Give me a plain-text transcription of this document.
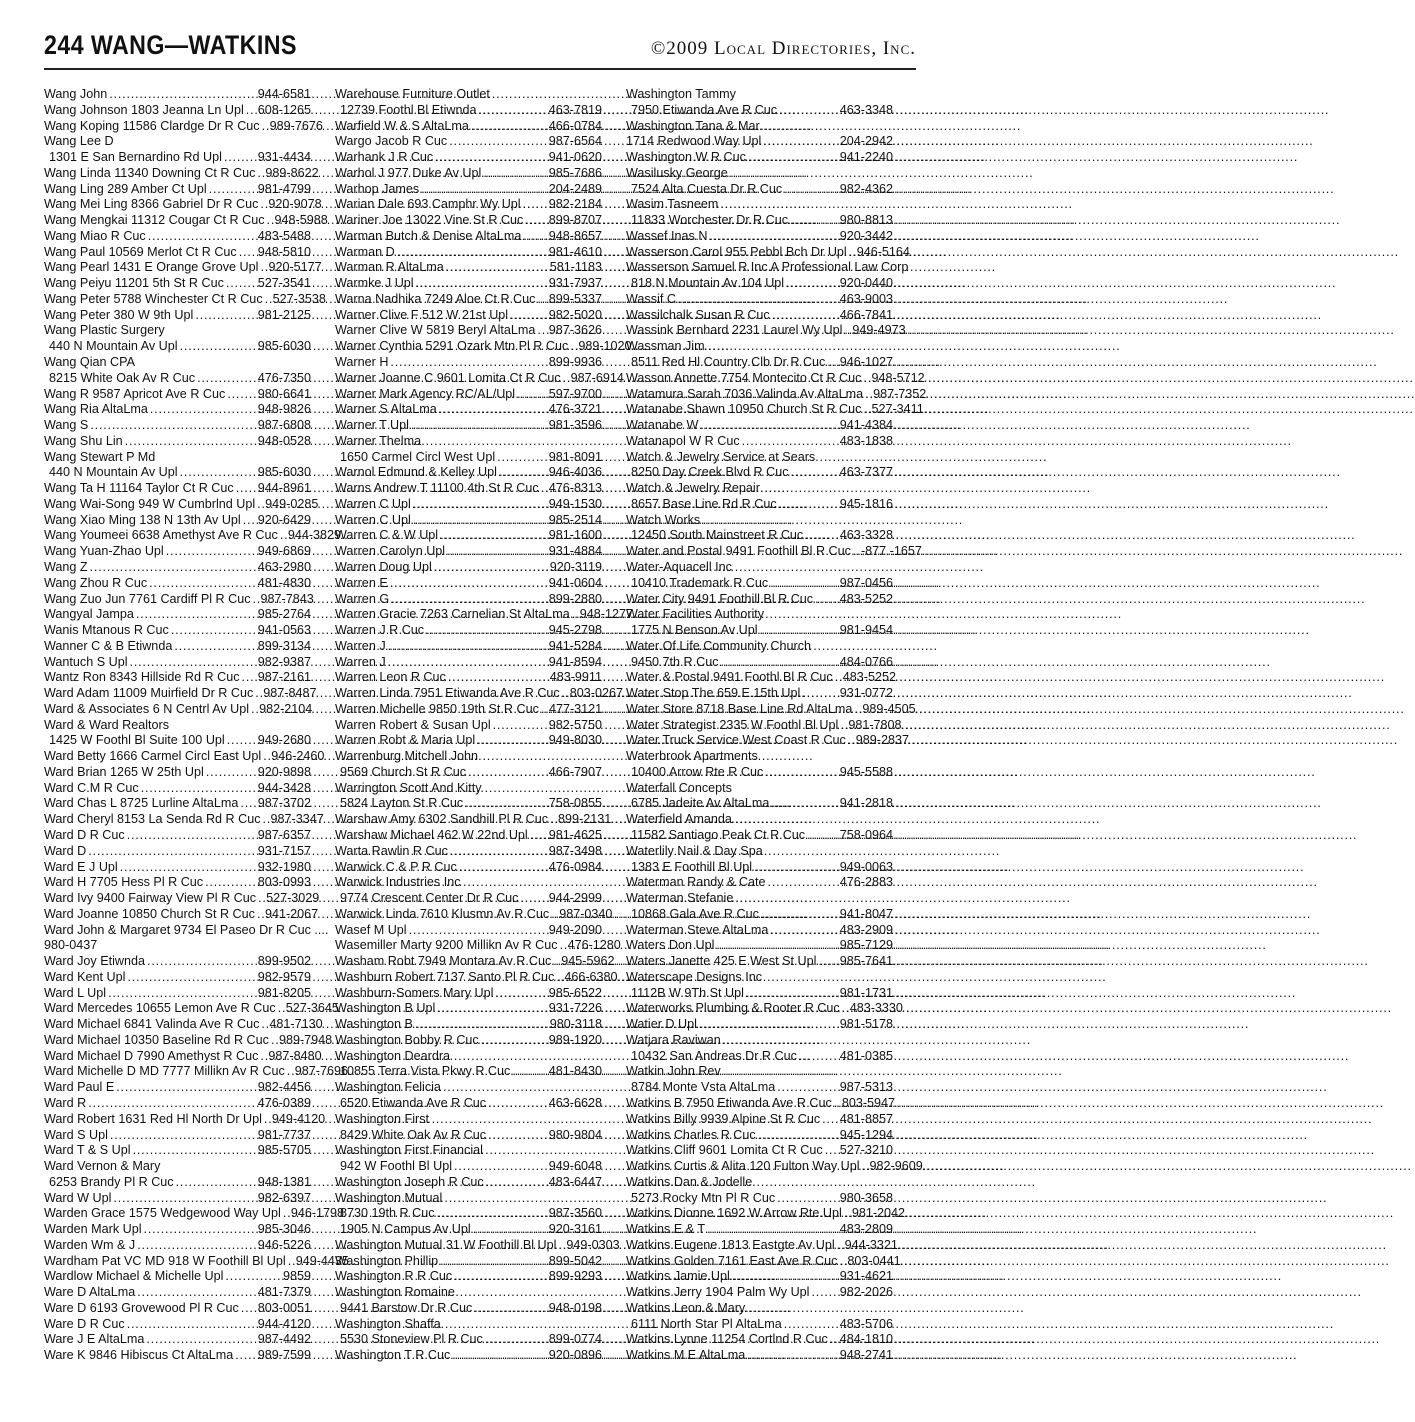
244 WANG—WATKINS	©2009 Local Directories, Inc.
Wang John .....	944-6581
Wang Johnson 1803 Jeanna Ln Upl ..... 608-1265
Wang Koping 11586 Clardge Dr R Cuc ..... 989-7676
Wang Lee D
1301 E San Bernardino Rd Upl .....	931-4434
Wang Linda 11340 Downing Ct R Cuc ..... 989-8622
Wang Ling 289 Amber Ct Upl .....	981-4799
Wang Mei Ling 8366 Gabriel Dr R Cuc ..... 920-9078
Wang Mengkai 11312 Cougar Ct R Cuc ..... 948-5988
Wang Miao R Cuc .....	483-5488
Wang Paul 10569 Merlot Ct R Cuc ..... 948-5810
Wang Pearl 1431 E Orange Grove Upl ..... 920-5177
Wang Peiyu 11201 5th St R Cuc .....	527-3541
Wang Peter 5788 Winchester Ct R Cuc ..... 527-3538
Wang Peter 380 W 9th Upl .....	981-2125
Wang Plastic Surgery
440 N Mountain Av Upl .....	985-6030
Wang Qian CPA
8215 White Oak Av R Cuc .....	476-7350
Wang R 9587 Apricot Ave R Cuc .....	980-6641
Wang Ria AltaLma .....	948-9826
Wang S .....	987-6808
Wang Shu Lin .....	948-0528
Wang Stewart P Md
440 N Mountain Av Upl .....	985-6030
Wang Ta H 11164 Taylor Ct R Cuc ..... 944-8961
Wang Wai-Song 949 W Cumbrlnd Upl ..... 949-0285
Wang Xiao Ming 138 N 13th Av Upl ..... 920-6429
Wang Youmeei 6638 Amethyst Ave R Cuc ..... 944-3829
Wang Yuan-Zhao Upl .....	949-6869
Wang Z .....	463-2980
Wang Zhou R Cuc .....	481-4830
Wang Zuo Jun 7761 Cardiff Pl R Cuc ..... 987-7843
Wangyal Jampa .....	985-2764
Wanis Mtanous R Cuc .....	941-0563
Wanner C & B Etiwnda .....	899-3134
Wantuch S Upl .....	982-9387
Wantz Ron 8343 Hillside Rd R Cuc ..... 987-2161
Ward Adam 11009 Muirfield Dr R Cuc ..... 987-8487
Ward & Associates 6 N Centrl Av Upl ..... 982-2104
Ward & Ward Realtors
1425 W Foothl Bl Suite 100 Upl .....	949-2680
Ward Betty 1666 Carmel Circl East Upl ..... 946-2460
Ward Brian 1265 W 25th Upl .....	920-9898
Ward C.M R Cuc .....	944-3428
Ward Chas L 8725 Lurline AltaLma ..... 987-3702
Ward Cheryl 8153 La Senda Rd R Cuc ..... 987-3347
Ward D R Cuc .....	987-6357
Ward D .....	931-7157
Ward E J Upl .....	932-1980
Ward H 7705 Hess Pl R Cuc .....	803-0993
Ward Ivy 9400 Fairway View Pl R Cuc ..... 527-3029
Ward Joanne 10850 Church St R Cuc ..... 941-2067
Ward John & Margaret 9734 El Paseo Dr R Cuc ....
980-0437
Ward Joy Etiwnda .....	899-9502
Ward Kent Upl .....	982-9579
Ward L Upl .....	981-8205
Ward Mercedes 10655 Lemon Ave R Cuc ..... 527-3645
Ward Michael 6841 Valinda Ave R Cuc ..... 481-7130
Ward Michael 10350 Baseline Rd R Cuc ..... 989-7948
Ward Michael D 7990 Amethyst R Cuc ..... 987-8480
Ward Michelle D MD 7777 Millikn Av R Cuc ..... 987-7696
Ward Paul E .....	982-4456
Ward R .....	476-0389
Ward Robert 1631 Red Hl North Dr Upl ..... 949-4120
Ward S Upl .....	981-7737
Ward T & S Upl .....	985-5705
Ward Vernon & Mary
6253 Brandy Pl R Cuc .....	948-1381
Ward W Upl .....	982-6397
Warden Grace 1575 Wedgewood Way Upl ..... 946-1798
Warden Mark Upl .....	985-3046
Warden Wm & J .....	946-5226
Wardham Pat VC MD 918 W Foothill Bl Upl ..... 949-4435
Wardlow Michael & Michelle Upl .....	9859
Ware D AltaLma .....	481-7379
Ware D 6193 Grovewood Pl R Cuc ..... 803-0051
Ware D R Cuc .....	944-4120
Ware J E AltaLma .....	987-4492
Ware K 9846 Hibiscus Ct AltaLma ..... 989-7599
Warehouse Furniture Outlet
12739 Foothl Bl Etiwnda .....	463-7819
Warfield W & S AltaLma .....	466-0784
Wargo Jacob R Cuc .....	987-6564
Warhank J R Cuc .....	941-0620
Warhol J 977 Duke Av Upl .....	985-7686
Warhop James .....	204-2489
Warian Dale 693 Camphr Wy Upl ..... 982-2184
Wariner Joe 13022 Vine St R Cuc ..... 899-8707
Warman Butch & Denise AltaLma ..... 948-8657
Warman D .....	981-4610
Warman R AltaLma .....	581-1183
Warmke J Upl .....	931-7937
Warna Nadhika 7249 Aloe Ct R Cuc ..... 899-5337
Warner Clive F 512 W 21st Upl .....	982-5020
Warner Clive W 5819 Beryl AltaLma ..... 987-3626
Warner Cynthia 5291 Ozark Mtn Pl R Cuc ..... 989-1020
Warner H .....	899-9936
Warner Joanne C 9601 Lomita Ct R Cuc ..... 987-6914
Warner Mark Agency RC/AL/Upl .....	597-9700
Warner S AltaLma .....	476-3721
Warner T Upl .....	981-3596
Warner Thelma
1650 Carmel Circl West Upl .....	981-8091
Warnol Edmund & Kelley Upl .....	946-4036
Warns Andrew T 11100 4th St R Cuc ..... 476-8313
Warren C Upl .....	949-1530
Warren C Upl .....	985-2514
Warren C & W Upl .....	981-1600
Warren Carolyn Upl .....	931-4884
Warren Doug Upl .....	920-3119
Warren E .....	941-0604
Warren G .....	899-2880
Warren Gracie 7263 Carnelian St AltaLma ..... 948-1277
Warren J R Cuc .....	945-2798
Warren J .....	941-5284
Warren J .....	941-8594
Warren Leon R Cuc .....	483-9911
Warren Linda 7951 Etiwanda Ave R Cuc ..... 803-0267
Warren Michelle 9850 19th St R Cuc ..... 477-3121
Warren Robert & Susan Upl .....	982-5750
Warren Robt & Maria Upl .....	949-8030
Warrenburg Mitchell John
9569 Church St R Cuc .....	466-7907
Warrington Scott And Kitty
5824 Layton St R Cuc .....	758-0855
Warshaw Amy 6302 Sandhill Pl R Cuc ..... 899-2131
Warshaw Michael 462 W 22nd Upl ..... 981-4625
Warta Rawlin R Cuc .....	987-3498
Warwick C & P R Cuc .....	476-0984
Warwick Industries Inc
9774 Crescent Center Dr R Cuc ..... 944-2999
Warwick Linda 7610 Klusmn Av R Cuc ..... 987-0340
Wasef M Upl .....	949-2090
Wasemiller Marty 9200 Millikn Av R Cuc ..... 476-1280
Washam Robt 7949 Montara Av R Cuc ..... 945-5962
Washburn Robert 7137 Santo Pl R Cuc ..... 466-6380
Washburn-Somers Mary Upl .....	985-6522
Washington B Upl .....	931-7226
Washington B .....	980-3118
Washington Bobby R Cuc .....	989-1920
Washington Deardra
10855 Terra Vista Pkwy R Cuc .....	481-8430
Washington Felicia
6520 Etiwanda Ave R Cuc .....	463-6628
Washington First
8429 White Oak Av R Cuc .....	980-9804
Washington First Financial
942 W Foothl Bl Upl .....	949-6048
Washington Joseph R Cuc .....	483-6447
Washington Mutual
8730 19th R Cuc .....	987-3560
1905 N Campus Av Upl .....	920-3161
Washington Mutual 31 W Foothill Bl Upl ..... 949-0303
Washington Phillip .....	899-5042
Washington R R Cuc .....	899-9293
Washington Romaine
9441 Barstow Dr R Cuc .....	948-0198
Washington Shaffa
5530 Stoneview Pl R Cuc .....	899-0774
Washington T R Cuc .....	920-0896
Washington Tammy
7950 Etiwanda Ave R Cuc .....	463-3348
Washington Tana & Mar
1714 Redwood Way Upl .....	204-2942
Washington W R Cuc .....	941-2240
Wasilusky George
7524 Alta Cuesta Dr R Cuc .....	982-4362
Wasim Tasneem
11833 Worchester Dr R Cuc .....	980-8813
Wassef Inas N .....	920-3442
Wasserson Carol 955 Pebbl Bch Dr Upl ..... 946-5164
Wasserson Samuel R Inc A Professional Law Corp
818 N Mountain Av 104 Upl .....	920-0440
Wassif C .....	463-9003
Wassilchalk Susan R Cuc .....	466-7841
Wassink Bernhard 2231 Laurel Wy Upl ..... 949-4973
Wassman Jim
8511 Red Hl Country Clb Dr R Cuc ..... 946-1027
Wasson Annette 7754 Montecito Ct R Cuc ..... 948-5712
Watamura Sarah 7036 Valinda Av AltaLma ..... 987-7352
Watanabe Shawn 10950 Church St R Cuc ..... 527-3411
Watanabe W .....	941-4384
Watanapol W R Cuc .....	483-1838
Watch & Jewelry Service at Sears
8250 Day Creek Blvd R Cuc .....	463-7377
Watch & Jewelry Repair
8657 Base Line Rd R Cuc .....	945-1816
Watch Works
12450 South Mainstreet R Cuc .....	463-3328
Water and Postal 9491 Foothill Bl R Cuc ..... -877 -1657
Water-Aquacell Inc
10410 Trademark R Cuc .....	987-0456
Water City 9491 Foothill Bl R Cuc ..... 483-5252
Water Facilities Authority
1775 N Benson Av Upl .....	981-9454
Water Of Life Community Church
9450 7th R Cuc .....	484-0766
Water & Postal 9491 Foothl Bl R Cuc ..... 483-5252
Water Stop The 659 E 15th Upl .....	931-0772
Water Store 8718 Base Line Rd AltaLma ..... 989-4505
Water Strategist 2335 W Foothl Bl Upl ..... 981-7808
Water Truck Service West Coast R Cuc ..... 989-2837
Waterbrook Apartments
10400 Arrow Rte R Cuc .....	945-5588
Waterfall Concepts
6785 Jadeite Av AltaLma .....	941-2818
Waterfield Amanda
11582 Santiago Peak Ct R Cuc .....	758-0964
Waterlily Nail & Day Spa
1383 E Foothill Bl Upl .....	949-0063
Waterman Randy & Cate .....	476-2883
Waterman Stefanie
10868 Gala Ave R Cuc .....	941-8047
Waterman Steve AltaLma .....	483-2909
Waters Don Upl .....	985-7129
Waters Janette 425 E West St Upl ..... 985-7641
Waterscape Designs Inc
1112B W 9Th St Upl .....	981-1731
Waterworks Plumbing & Rooter R Cuc ..... 483-3330
Watier D Upl .....	981-5178
Watjara Raviwan
10432 San Andreas Dr R Cuc .....	481-0385
Watkin John Rev
8784 Monte Vsta AltaLma .....	987-5313
Watkins B 7950 Etiwanda Ave R Cuc ..... 803-5947
Watkins Billy 9939 Alpine St R Cuc ..... 481-8857
Watkins Charles R Cuc .....	945-1294
Watkins Cliff 9601 Lomita Ct R Cuc ..... 527-3210
Watkins Curtis & Alita 120 Fulton Way Upl ..... 982-9609
Watkins Dan & Jodelle
5273 Rocky Mtn Pl R Cuc .....	980-3658
Watkins Dionne 1692 W Arrow Rte Upl ..... 981-2042
Watkins E & T .....	483-2809
Watkins Eugene 1813 Eastgte Av Upl ..... 944-3321
Watkins Golden 7161 East Ave R Cuc ..... 803-0441
Watkins Jamie Upl .....	931-4621
Watkins Jerry 1904 Palm Wy Upl ..... 982-2026
Watkins Leon & Mary
6111 North Star Pl AltaLma .....	483-5706
Watkins Lynne 11254 Cortlnd R Cuc ..... 484-1810
Watkins M E AltaLma .....	948-2741
